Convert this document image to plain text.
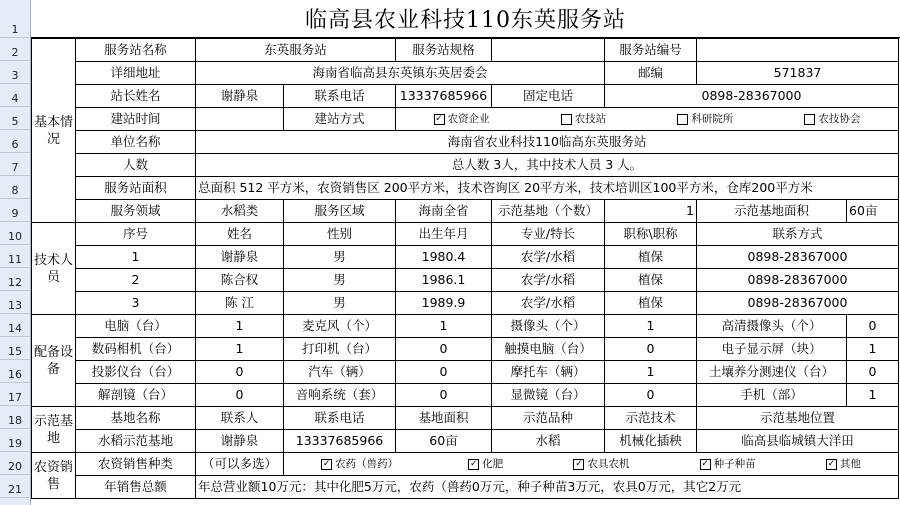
1
2
3
4
5
6
7
8
9
10
11
12
13
14
15
16
17
18
19
20
21
临高县农业科技110东英服务站
基本情况	服务站名称	东英服务站		服务站规格		服务站编号		
	详细地址	海南省临高县东英镇东英居委会				邮编	571837	
	站长姓名	谢静泉	联系电话	13337685966	固定电话	0898-28367000		
	建站时间		建站方式	✓ 农资企业 农技站 科研院所 农技协会				

	单位名称	海南省农业科技110临高东英服务站						
	人数	总人数 3人，其中技术人员 3 人。						
	服务站面积	总面积 512 平方米，农资销售区 200平方米，技术咨询区 20平方米，技术培训区100平方米，仓库200平方米						
	服务领域	水稻类	服务区域	海南全省	示范基地（个数）	1	示范基地面积	60亩
技术人员	序号	姓名	性别	出生年月	专业/特长	职称\职称	联系方式	
	1	谢静泉	男	1980.4	农学/水稻	植保	0898-28367000	
	2	陈合权	男	1986.1	农学/水稻	植保	0898-28367000	
	3	陈 江	男	1989.9	农学/水稻	植保	0898-28367000	
配备设备	电脑（台）	1	麦克风（个）	1	摄像头（个）	1	高清摄像头（个）	0
	数码相机（台）	1	打印机（台）	0	触摸电脑（台）	0	电子显示屏（块）	1
	投影仪台（台）	0	汽车（辆）	0	摩托车（辆）	1	土壤养分测速仪（台）	0
	解剖镜（台）	0	音响系统（套）	0	显微镜（台）	0	手机（部）	1
示范基地	基地名称	联系人	联系电话	基地面积	示范品种	示范技术	示范基地位置	
	水稻示范基地	谢静泉	13337685966	60亩	水稻	机械化插秧	临高县临城镇大洋田	
农资销售	农资销售种类	（可以多选）	✓ 农药（兽药） ✓ 化肥 ✓ 农具农机 ✓ 种子种苗 ✓ 其他					

	年销售总额	年总营业额10万元：其中化肥5万元，农药（兽药0万元，种子种苗3万元，农具0万元，其它2万元						
